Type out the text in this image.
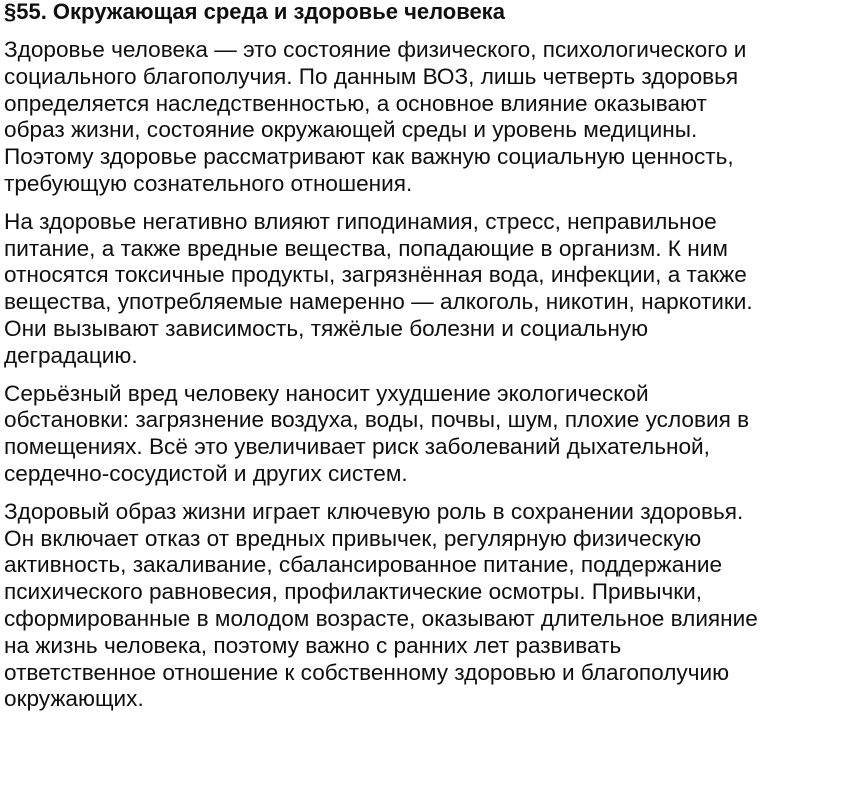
§55. Окружающая среда и здоровье человека
Здоровье человека — это состояние физического, психологического и
социального благополучия. По данным ВОЗ, лишь четверть здоровья
определяется наследственностью, а основное влияние оказывают
образ жизни, состояние окружающей среды и уровень медицины.
Поэтому здоровье рассматривают как важную социальную ценность,
требующую сознательного отношения.
На здоровье негативно влияют гиподинамия, стресс, неправильное
питание, а также вредные вещества, попадающие в организм. К ним
относятся токсичные продукты, загрязнённая вода, инфекции, а также
вещества, употребляемые намеренно — алкоголь, никотин, наркотики.
Они вызывают зависимость, тяжёлые болезни и социальную
деградацию.
Серьёзный вред человеку наносит ухудшение экологической
обстановки: загрязнение воздуха, воды, почвы, шум, плохие условия в
помещениях. Всё это увеличивает риск заболеваний дыхательной,
сердечно-сосудистой и других систем.
Здоровый образ жизни играет ключевую роль в сохранении здоровья.
Он включает отказ от вредных привычек, регулярную физическую
активность, закаливание, сбалансированное питание, поддержание
психического равновесия, профилактические осмотры. Привычки,
сформированные в молодом возрасте, оказывают длительное влияние
на жизнь человека, поэтому важно с ранних лет развивать
ответственное отношение к собственному здоровью и благополучию
окружающих.
